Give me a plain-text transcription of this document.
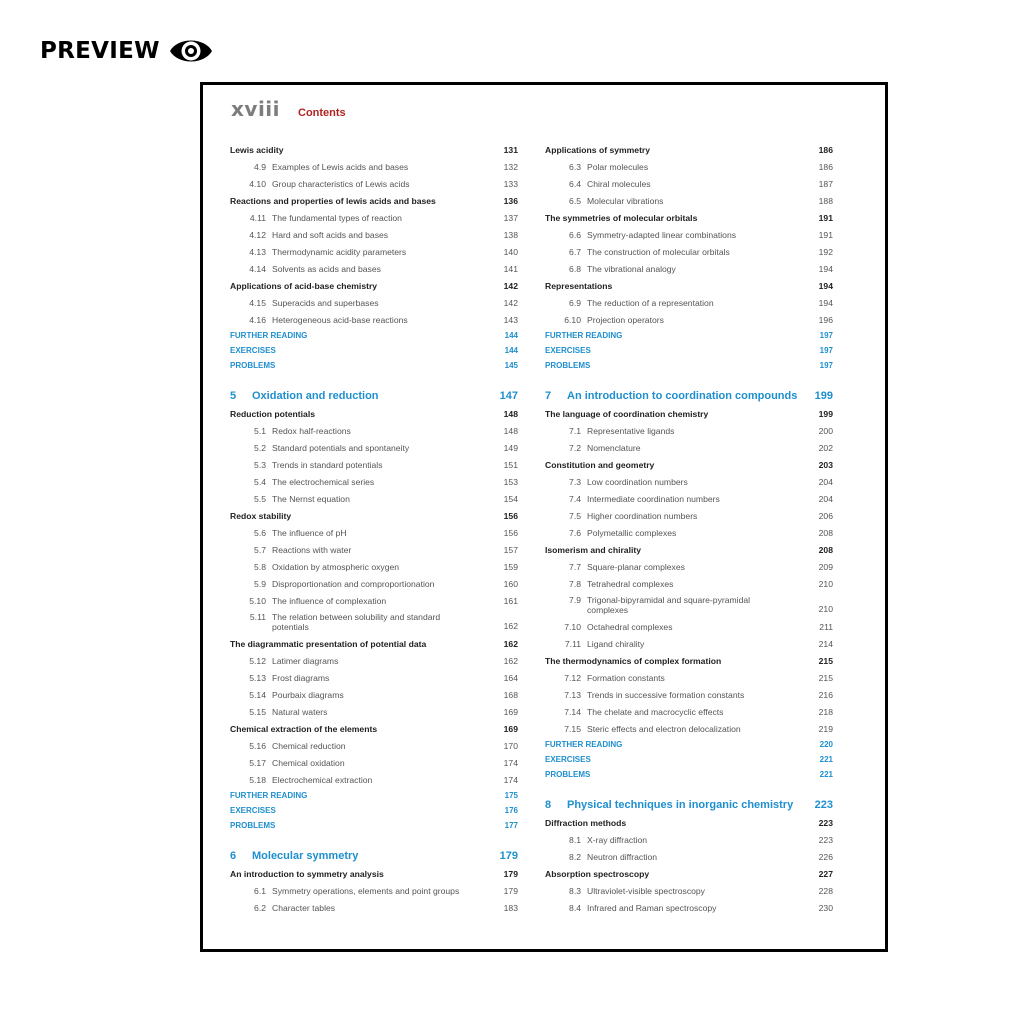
PREVIEW
xviii Contents
Lewis acidity	131
4.9 Examples of Lewis acids and bases	132
4.10 Group characteristics of Lewis acids	133
Reactions and properties of lewis acids and bases	136
4.11 The fundamental types of reaction	137
4.12 Hard and soft acids and bases	138
4.13 Thermodynamic acidity parameters	140
4.14 Solvents as acids and bases	141
Applications of acid-base chemistry	142
4.15 Superacids and superbases	142
4.16 Heterogeneous acid-base reactions	143
FURTHER READING	144
EXERCISES	144
PROBLEMS	145
5	Oxidation and reduction	147
Reduction potentials	148
5.1 Redox half-reactions	148
5.2 Standard potentials and spontaneity	149
5.3 Trends in standard potentials	151
5.4 The electrochemical series	153
5.5 The Nernst equation	154
Redox stability	156
5.6 The influence of pH	156
5.7 Reactions with water	157
5.8 Oxidation by atmospheric oxygen	159
5.9 Disproportionation and comproportionation	160
5.10 The influence of complexation	161
5.11 The relation between solubility and standard potentials	162
The diagrammatic presentation of potential data	162
5.12 Latimer diagrams	162
5.13 Frost diagrams	164
5.14 Pourbaix diagrams	168
5.15 Natural waters	169
Chemical extraction of the elements	169
5.16 Chemical reduction	170
5.17 Chemical oxidation	174
5.18 Electrochemical extraction	174
FURTHER READING	175
EXERCISES	176
PROBLEMS	177
6	Molecular symmetry	179
An introduction to symmetry analysis	179
6.1 Symmetry operations, elements and point groups	179
6.2 Character tables	183
Applications of symmetry	186
6.3 Polar molecules	186
6.4 Chiral molecules	187
6.5 Molecular vibrations	188
The symmetries of molecular orbitals	191
6.6 Symmetry-adapted linear combinations	191
6.7 The construction of molecular orbitals	192
6.8 The vibrational analogy	194
Representations	194
6.9 The reduction of a representation	194
6.10 Projection operators	196
FURTHER READING	197
EXERCISES	197
PROBLEMS	197
7	An introduction to coordination compounds	199
The language of coordination chemistry	199
7.1 Representative ligands	200
7.2 Nomenclature	202
Constitution and geometry	203
7.3 Low coordination numbers	204
7.4 Intermediate coordination numbers	204
7.5 Higher coordination numbers	206
7.6 Polymetallic complexes	208
Isomerism and chirality	208
7.7 Square-planar complexes	209
7.8 Tetrahedral complexes	210
7.9 Trigonal-bipyramidal and square-pyramidal complexes	210
7.10 Octahedral complexes	211
7.11 Ligand chirality	214
The thermodynamics of complex formation	215
7.12 Formation constants	215
7.13 Trends in successive formation constants	216
7.14 The chelate and macrocyclic effects	218
7.15 Steric effects and electron delocalization	219
FURTHER READING	220
EXERCISES	221
PROBLEMS	221
8	Physical techniques in inorganic chemistry	223
Diffraction methods	223
8.1 X-ray diffraction	223
8.2 Neutron diffraction	226
Absorption spectroscopy	227
8.3 Ultraviolet-visible spectroscopy	228
8.4 Infrared and Raman spectroscopy	230
